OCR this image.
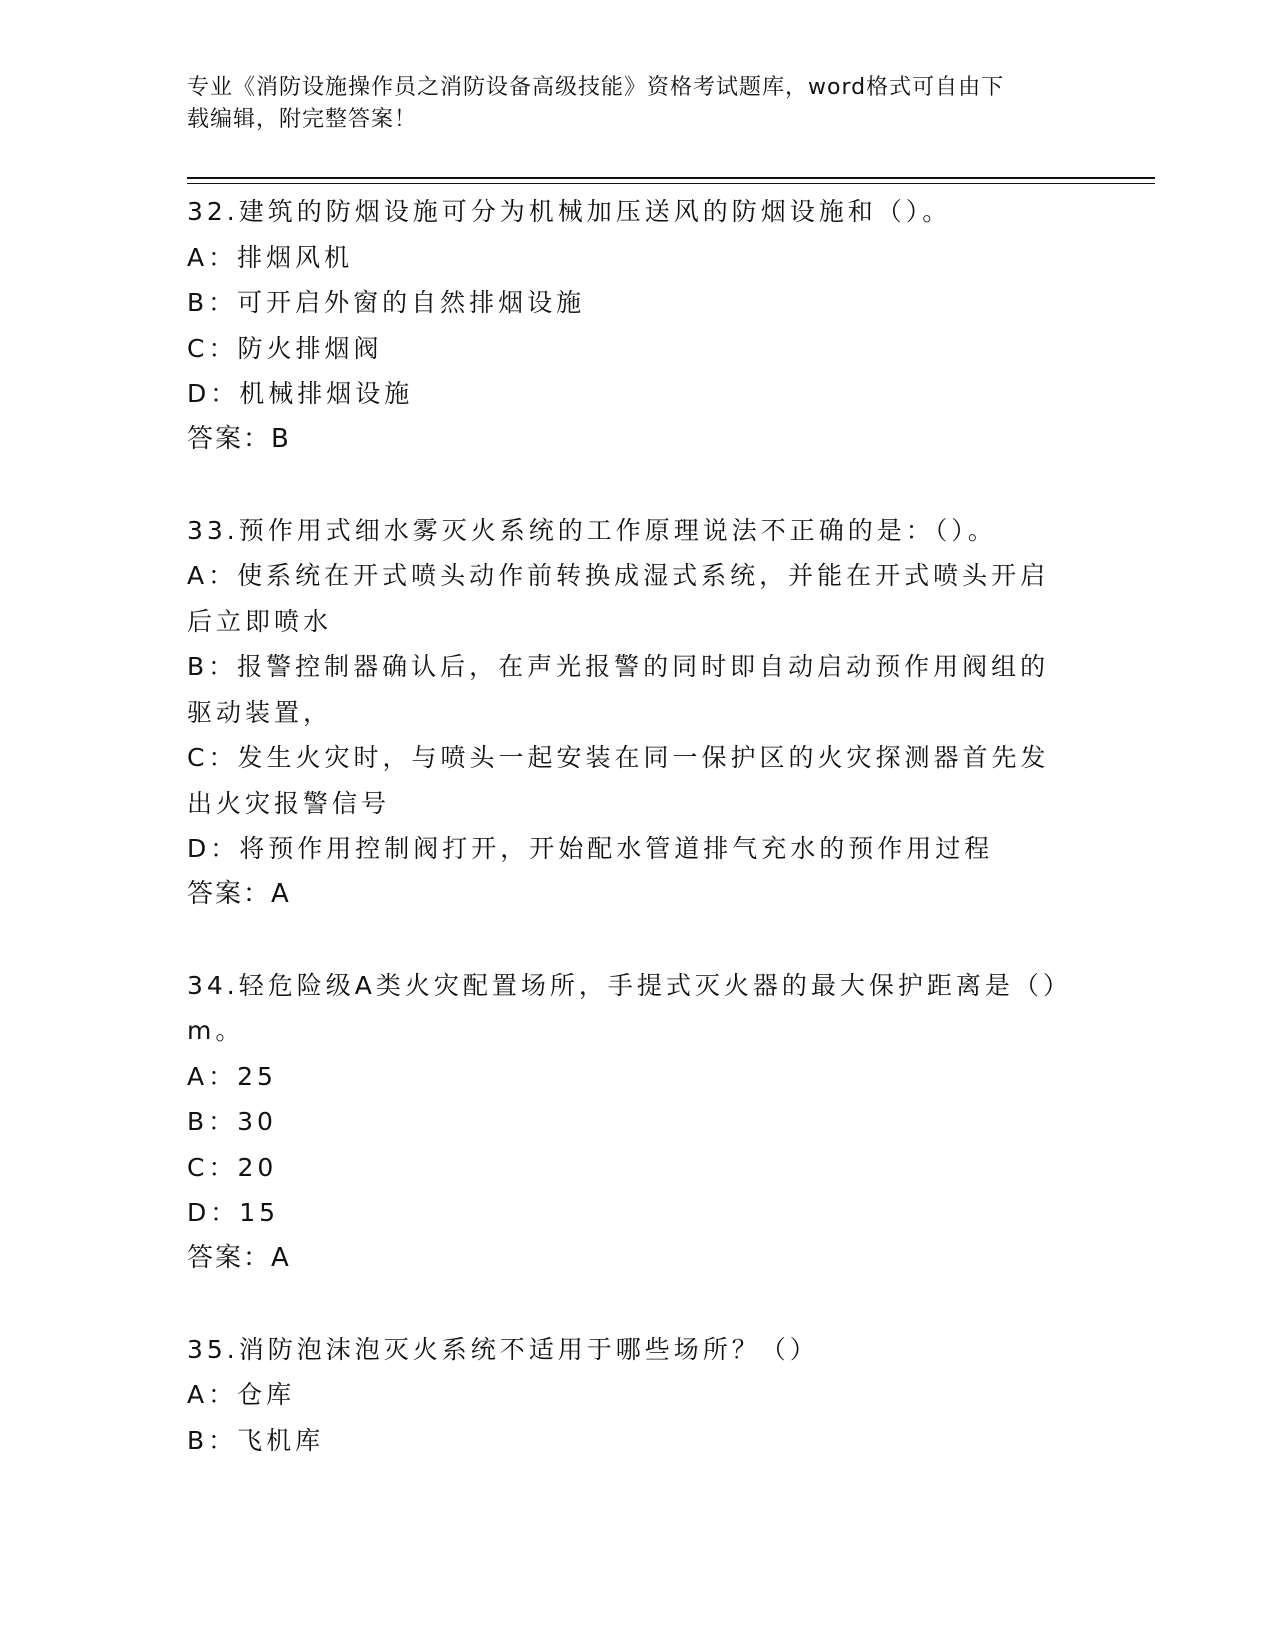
专业《消防设施操作员之消防设备高级技能》资格考试题库，word格式可自由下
载编辑，附完整答案！
32.建筑的防烟设施可分为机械加压送风的防烟设施和（）。
A：排烟风机
B：可开启外窗的自然排烟设施
C：防火排烟阀
D：机械排烟设施
答案：B
33.预作用式细水雾灭火系统的工作原理说法不正确的是：（）。
A：使系统在开式喷头动作前转换成湿式系统，并能在开式喷头开启后立即喷水
B：报警控制器确认后，在声光报警的同时即自动启动预作用阀组的驱动装置，
C：发生火灾时，与喷头一起安装在同一保护区的火灾探测器首先发出火灾报警信号
D：将预作用控制阀打开，开始配水管道排气充水的预作用过程
答案：A
34.轻危险级A类火灾配置场所，手提式灭火器的最大保护距离是（）m。
A：25
B：30
C：20
D：15
答案：A
35.消防泡沫泡灭火系统不适用于哪些场所？（）
A：仓库
B：飞机库
